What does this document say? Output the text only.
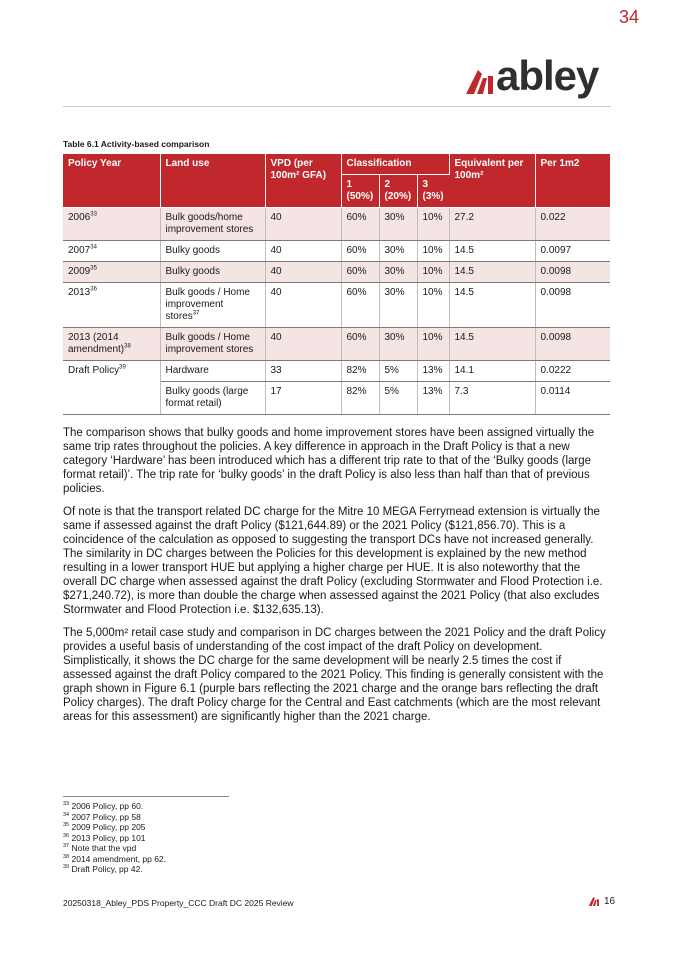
34
abley
Table 6.1 Activity-based comparison
Policy Year	Land use	VPD (per 100m² GFA)	Classification			Equivalent per 100m²	Per 1m2
			1 (50%)	2 (20%)	3 (3%)		
2006$^{33}$	Bulk goods/home improvement stores	40	60%	30%	10%	27.2	0.022
2007$^{34}$	Bulky goods	40	60%	30%	10%	14.5	0.0097
2009$^{35}$	Bulky goods	40	60%	30%	10%	14.5	0.0098
2013$^{36}$	Bulk goods / Home improvement stores$^{37}$	40	60%	30%	10%	14.5	0.0098
2013 (2014 amendment)$^{38}$	Bulk goods / Home improvement stores	40	60%	30%	10%	14.5	0.0098
Draft Policy$^{39}$	Hardware	33	82%	5%	13%	14.1	0.0222
	Bulky goods (large format retail)	17	82%	5%	13%	7.3	0.0114

The comparison shows that bulky goods and home improvement stores have been assigned virtually the same trip rates throughout the policies. A key difference in approach in the Draft Policy is that a new category ‘Hardware’ has been introduced which has a different trip rate to that of the ‘Bulky goods (large format retail)’. The trip rate for ‘bulky goods’ in the draft Policy is also less than half than that of previous policies.

Of note is that the transport related DC charge for the Mitre 10 MEGA Ferrymead extension is virtually the same if assessed against the draft Policy ($121,644.89) or the 2021 Policy ($121,856.70). This is a coincidence of the calculation as opposed to suggesting the transport DCs have not increased generally. The similarity in DC charges between the Policies for this development is explained by the new method resulting in a lower transport HUE but applying a higher charge per HUE. It is also noteworthy that the overall DC charge when assessed against the draft Policy (excluding Stormwater and Flood Protection i.e. $271,240.72), is more than double the charge when assessed against the 2021 Policy (that also excludes Stormwater and Flood Protection i.e. $132,635.13).

The 5,000m² retail case study and comparison in DC charges between the 2021 Policy and the draft Policy provides a useful basis of understanding of the cost impact of the draft Policy on development. Simplistically, it shows the DC charge for the same development will be nearly 2.5 times the cost if assessed against the draft Policy compared to the 2021 Policy. This finding is generally consistent with the graph shown in Figure 6.1 (purple bars reflecting the 2021 charge and the orange bars reflecting the draft Policy charges). The draft Policy charge for the Central and East catchments (which are the most relevant areas for this assessment) are significantly higher than the 2021 charge.

$^{33}$ 2006 Policy, pp 60.
$^{34}$ 2007 Policy, pp 58
$^{35}$ 2009 Policy, pp 205
$^{36}$ 2013 Policy, pp 101
$^{37}$ Note that the vpd
$^{38}$ 2014 amendment, pp 62.
$^{39}$ Draft Policy, pp 42.
20250318_Abley_PDS Property_CCC Draft DC 2025 Review	16
